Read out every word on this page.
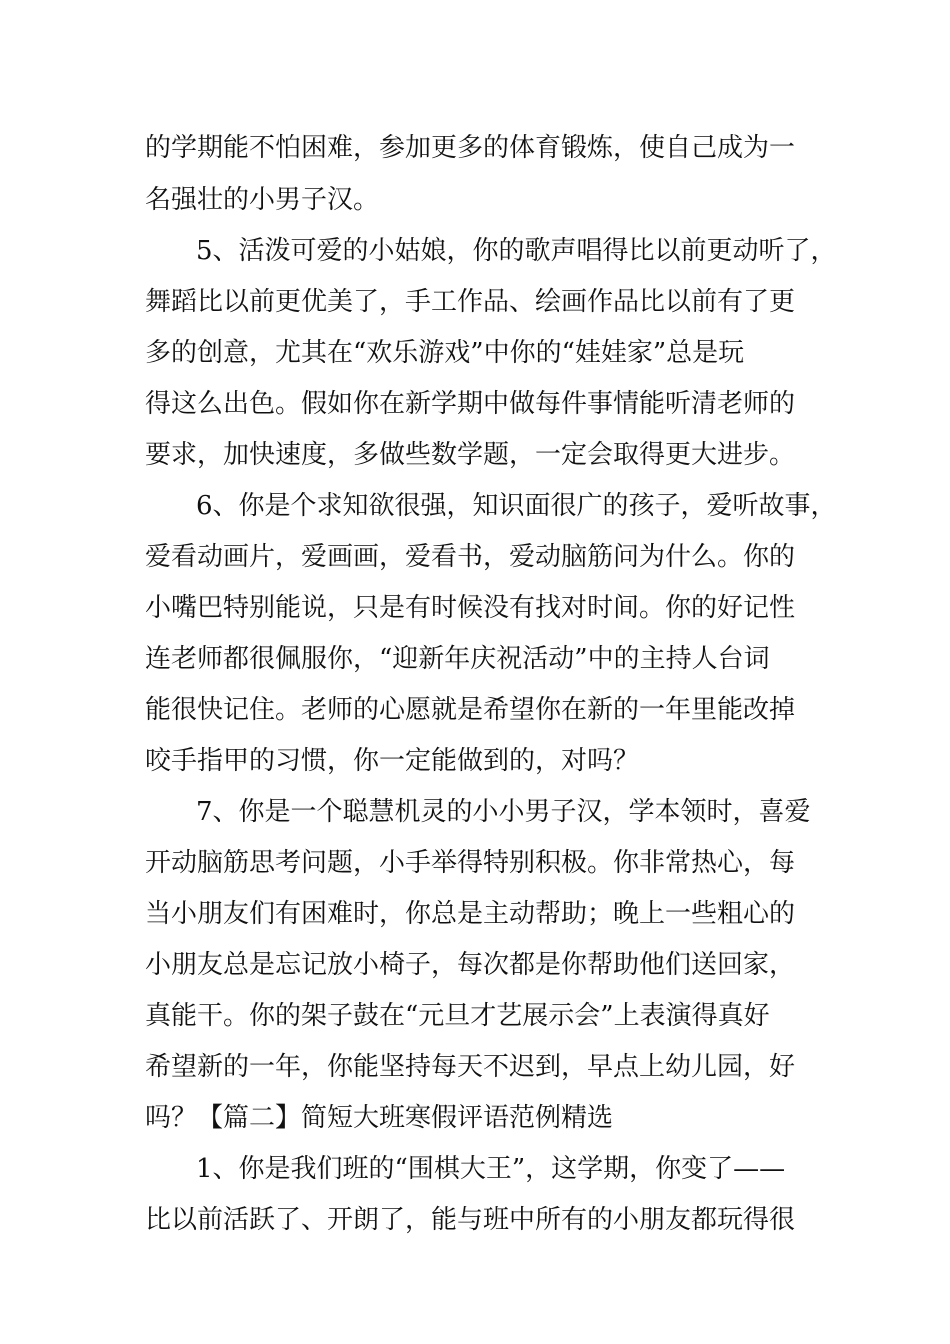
的学期能不怕困难，参加更多的体育锻炼，使自己成为一
名强壮的小男子汉。
5、活泼可爱的小姑娘，你的歌声唱得比以前更动听了，
舞蹈比以前更优美了，手工作品、绘画作品比以前有了更
多的创意，尤其在“欢乐游戏”中你的“娃娃家”总是玩
得这么出色。假如你在新学期中做每件事情能听清老师的
要求，加快速度，多做些数学题，一定会取得更大进步。
6、你是个求知欲很强，知识面很广的孩子，爱听故事，
爱看动画片，爱画画，爱看书，爱动脑筋问为什么。你的
小嘴巴特别能说，只是有时候没有找对时间。你的好记性
连老师都很佩服你，“迎新年庆祝活动”中的主持人台词
能很快记住。老师的心愿就是希望你在新的一年里能改掉
咬手指甲的习惯，你一定能做到的，对吗？
7、你是一个聪慧机灵的小小男子汉，学本领时，喜爱
开动脑筋思考问题，小手举得特别积极。你非常热心，每
当小朋友们有困难时，你总是主动帮助；晚上一些粗心的
小朋友总是忘记放小椅子，每次都是你帮助他们送回家，
真能干。你的架子鼓在“元旦才艺展示会”上表演得真好
希望新的一年，你能坚持每天不迟到，早点上幼儿园，好
吗？【篇二】简短大班寒假评语范例精选
1、你是我们班的“围棋大王”，这学期，你变了——
比以前活跃了、开朗了，能与班中所有的小朋友都玩得很
